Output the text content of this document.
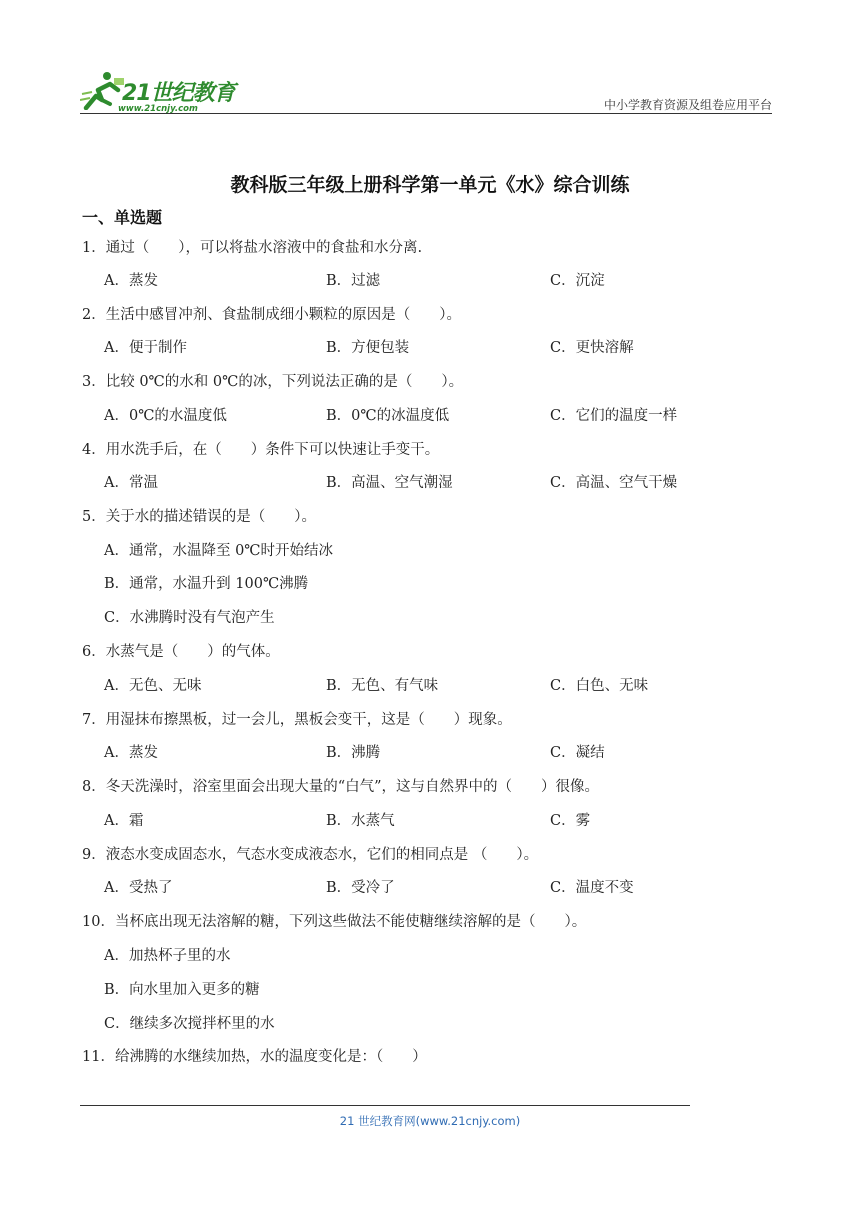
21世纪教育
www.21cnjy.com	中小学教育资源及组卷应用平台
教科版三年级上册科学第一单元《水》综合训练
一、单选题
1．通过（　　），可以将盐水溶液中的食盐和水分离.
A．蒸发	B．过滤	C．沉淀
2．生活中感冒冲剂、食盐制成细小颗粒的原因是（　　）。
A．便于制作	B．方便包装	C．更快溶解
3．比较 0℃的水和 0℃的冰，下列说法正确的是（　　）。
A．0℃的水温度低	B．0℃的冰温度低	C．它们的温度一样
4．用水洗手后，在（　　）条件下可以快速让手变干。
A．常温	B．高温、空气潮湿	C．高温、空气干燥
5．关于水的描述错误的是（　　）。
A．通常，水温降至 0℃时开始结冰
B．通常，水温升到 100℃沸腾
C．水沸腾时没有气泡产生
6．水蒸气是（　　）的气体。
A．无色、无味	B．无色、有气味	C．白色、无味
7．用湿抹布擦黑板，过一会儿，黑板会变干，这是（　　）现象。
A．蒸发	B．沸腾	C．凝结
8．冬天洗澡时，浴室里面会出现大量的“白气”，这与自然界中的（　　）很像。
A．霜	B．水蒸气	C．雾
9．液态水变成固态水，气态水变成液态水，它们的相同点是 （　　）。
A．受热了	B．受冷了	C．温度不变
10．当杯底出现无法溶解的糖，下列这些做法不能使糖继续溶解的是（　　）。
A．加热杯子里的水
B．向水里加入更多的糖
C．继续多次搅拌杯里的水
11．给沸腾的水继续加热，水的温度变化是：（　　）
21 世纪教育网(www.21cnjy.com)
